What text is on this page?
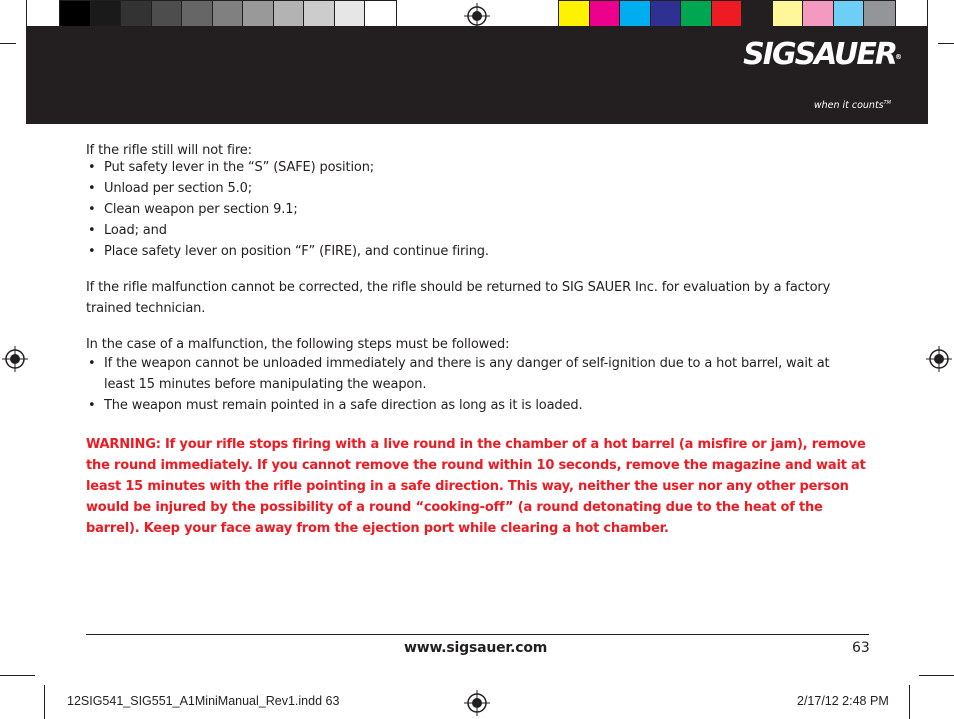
SIGSAUER ®
when it counts™
If the rifle still will not fire:
• Put safety lever in the “S” (SAFE) position;
• Unload per section 5.0;
• Clean weapon per section 9.1;
• Load; and
• Place safety lever on position “F” (FIRE), and continue firing.
If the rifle malfunction cannot be corrected, the rifle should be returned to SIG SAUER Inc. for evaluation by a factory trained technician.
In the case of a malfunction, the following steps must be followed:
• If the weapon cannot be unloaded immediately and there is any danger of self-ignition due to a hot barrel, wait at least 15 minutes before manipulating the weapon.
• The weapon must remain pointed in a safe direction as long as it is loaded.
WARNING: If your rifle stops firing with a live round in the chamber of a hot barrel (a misfire or jam), remove the round immediately. If you cannot remove the round within 10 seconds, remove the magazine and wait at least 15 minutes with the rifle pointing in a safe direction. This way, neither the user nor any other person would be injured by the possibility of a round “cooking-off” (a round detonating due to the heat of the barrel). Keep your face away from the ejection port while clearing a hot chamber.
www.sigsauer.com	63
12SIG541_SIG551_A1MiniManual_Rev1.indd 63	2/17/12 2:48 PM
